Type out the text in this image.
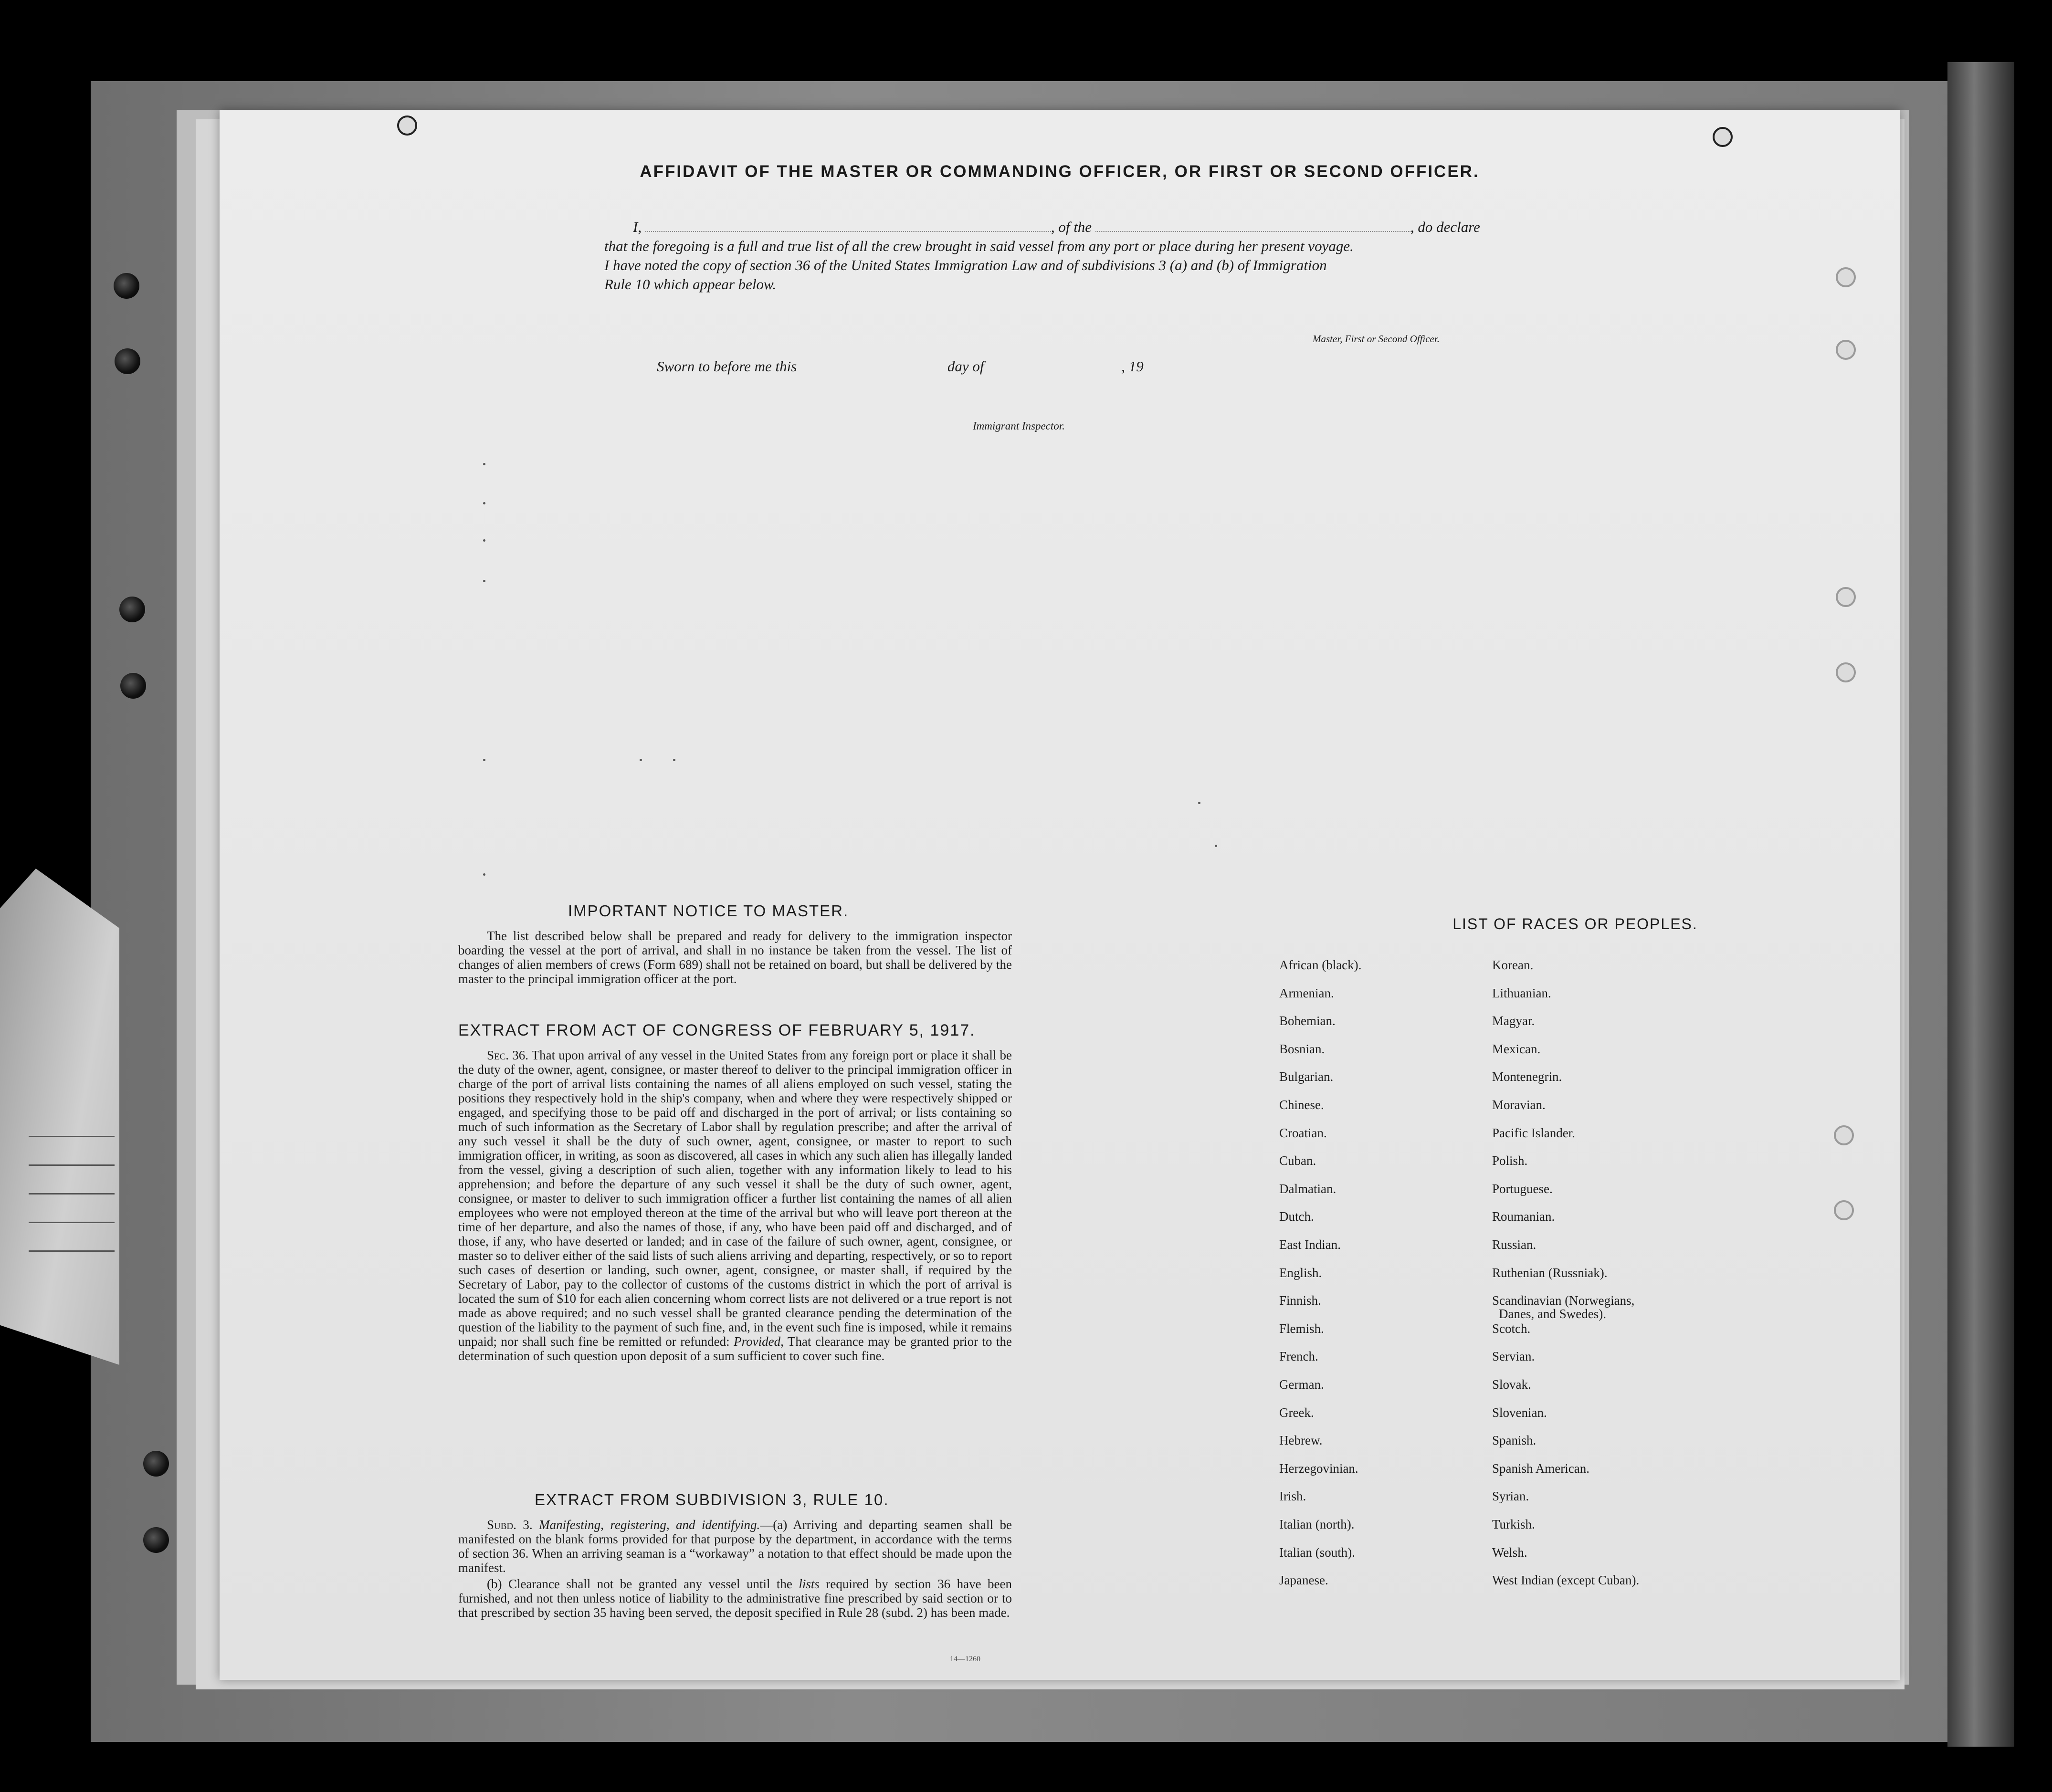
AFFIDAVIT OF THE MASTER OR COMMANDING OFFICER, OR FIRST OR SECOND OFFICER.
I,	, of the	, do declare
that the foregoing is a full and true list of all the crew brought in said vessel from any port or place during her present voyage.
I have noted the copy of section 36 of the United States Immigration Law and of subdivisions 3 (a) and (b) of Immigration
Rule 10 which appear below.
Master, First or Second Officer.
Sworn to before me this	day of	, 19
Immigrant Inspector.
IMPORTANT NOTICE TO MASTER.
The list described below shall be prepared and ready for delivery to the immigration inspector boarding the vessel at the port of arrival, and shall in no instance be taken from the vessel. The list of changes of alien members of crews (Form 689) shall not be retained on board, but shall be delivered by the master to the principal immigration officer at the port.
EXTRACT FROM ACT OF CONGRESS OF FEBRUARY 5, 1917.
Sec. 36. That upon arrival of any vessel in the United States from any foreign port or place it shall be the duty of the owner, agent, consignee, or master thereof to deliver to the principal immigration officer in charge of the port of arrival lists containing the names of all aliens employed on such vessel, stating the positions they respectively hold in the ship's company, when and where they were respectively shipped or engaged, and specifying those to be paid off and discharged in the port of arrival; or lists containing so much of such information as the Secretary of Labor shall by regulation prescribe; and after the arrival of any such vessel it shall be the duty of such owner, agent, consignee, or master to report to such immigration officer, in writing, as soon as discovered, all cases in which any such alien has illegally landed from the vessel, giving a description of such alien, together with any information likely to lead to his apprehension; and before the departure of any such vessel it shall be the duty of such owner, agent, consignee, or master to deliver to such immigration officer a further list containing the names of all alien employees who were not employed thereon at the time of the arrival but who will leave port thereon at the time of her departure, and also the names of those, if any, who have been paid off and discharged, and of those, if any, who have deserted or landed; and in case of the failure of such owner, agent, consignee, or master so to deliver either of the said lists of such aliens arriving and departing, respectively, or so to report such cases of desertion or landing, such owner, agent, consignee, or master shall, if required by the Secretary of Labor, pay to the collector of customs of the customs district in which the port of arrival is located the sum of $10 for each alien concerning whom correct lists are not delivered or a true report is not made as above required; and no such vessel shall be granted clearance pending the determination of the question of the liability to the payment of such fine, and, in the event such fine is imposed, while it remains unpaid; nor shall such fine be remitted or refunded: Provided, That clearance may be granted prior to the determination of such question upon deposit of a sum sufficient to cover such fine.
EXTRACT FROM SUBDIVISION 3, RULE 10.
Subd. 3. Manifesting, registering, and identifying.—(a) Arriving and departing seamen shall be manifested on the blank forms provided for that purpose by the department, in accordance with the terms of section 36. When an arriving seaman is a “workaway” a notation to that effect should be made upon the manifest.
(b) Clearance shall not be granted any vessel until the lists required by section 36 have been furnished, and not then unless notice of liability to the administrative fine prescribed by said section or to that prescribed by section 35 having been served, the deposit specified in Rule 28 (subd. 2) has been made.
14—1260
LIST OF RACES OR PEOPLES.
African (black).
Armenian.
Bohemian.
Bosnian.
Bulgarian.
Chinese.
Croatian.
Cuban.
Dalmatian.
Dutch.
East Indian.
English.
Finnish.
Flemish.
French.
German.
Greek.
Hebrew.
Herzegovinian.
Irish.
Italian (north).
Italian (south).
Japanese.
Korean.
Lithuanian.
Magyar.
Mexican.
Montenegrin.
Moravian.
Pacific Islander.
Polish.
Portuguese.
Roumanian.
Russian.
Ruthenian (Russniak).
Scandinavian (Norwegians,
Danes, and Swedes).
Scotch.
Servian.
Slovak.
Slovenian.
Spanish.
Spanish American.
Syrian.
Turkish.
Welsh.
West Indian (except Cuban).
